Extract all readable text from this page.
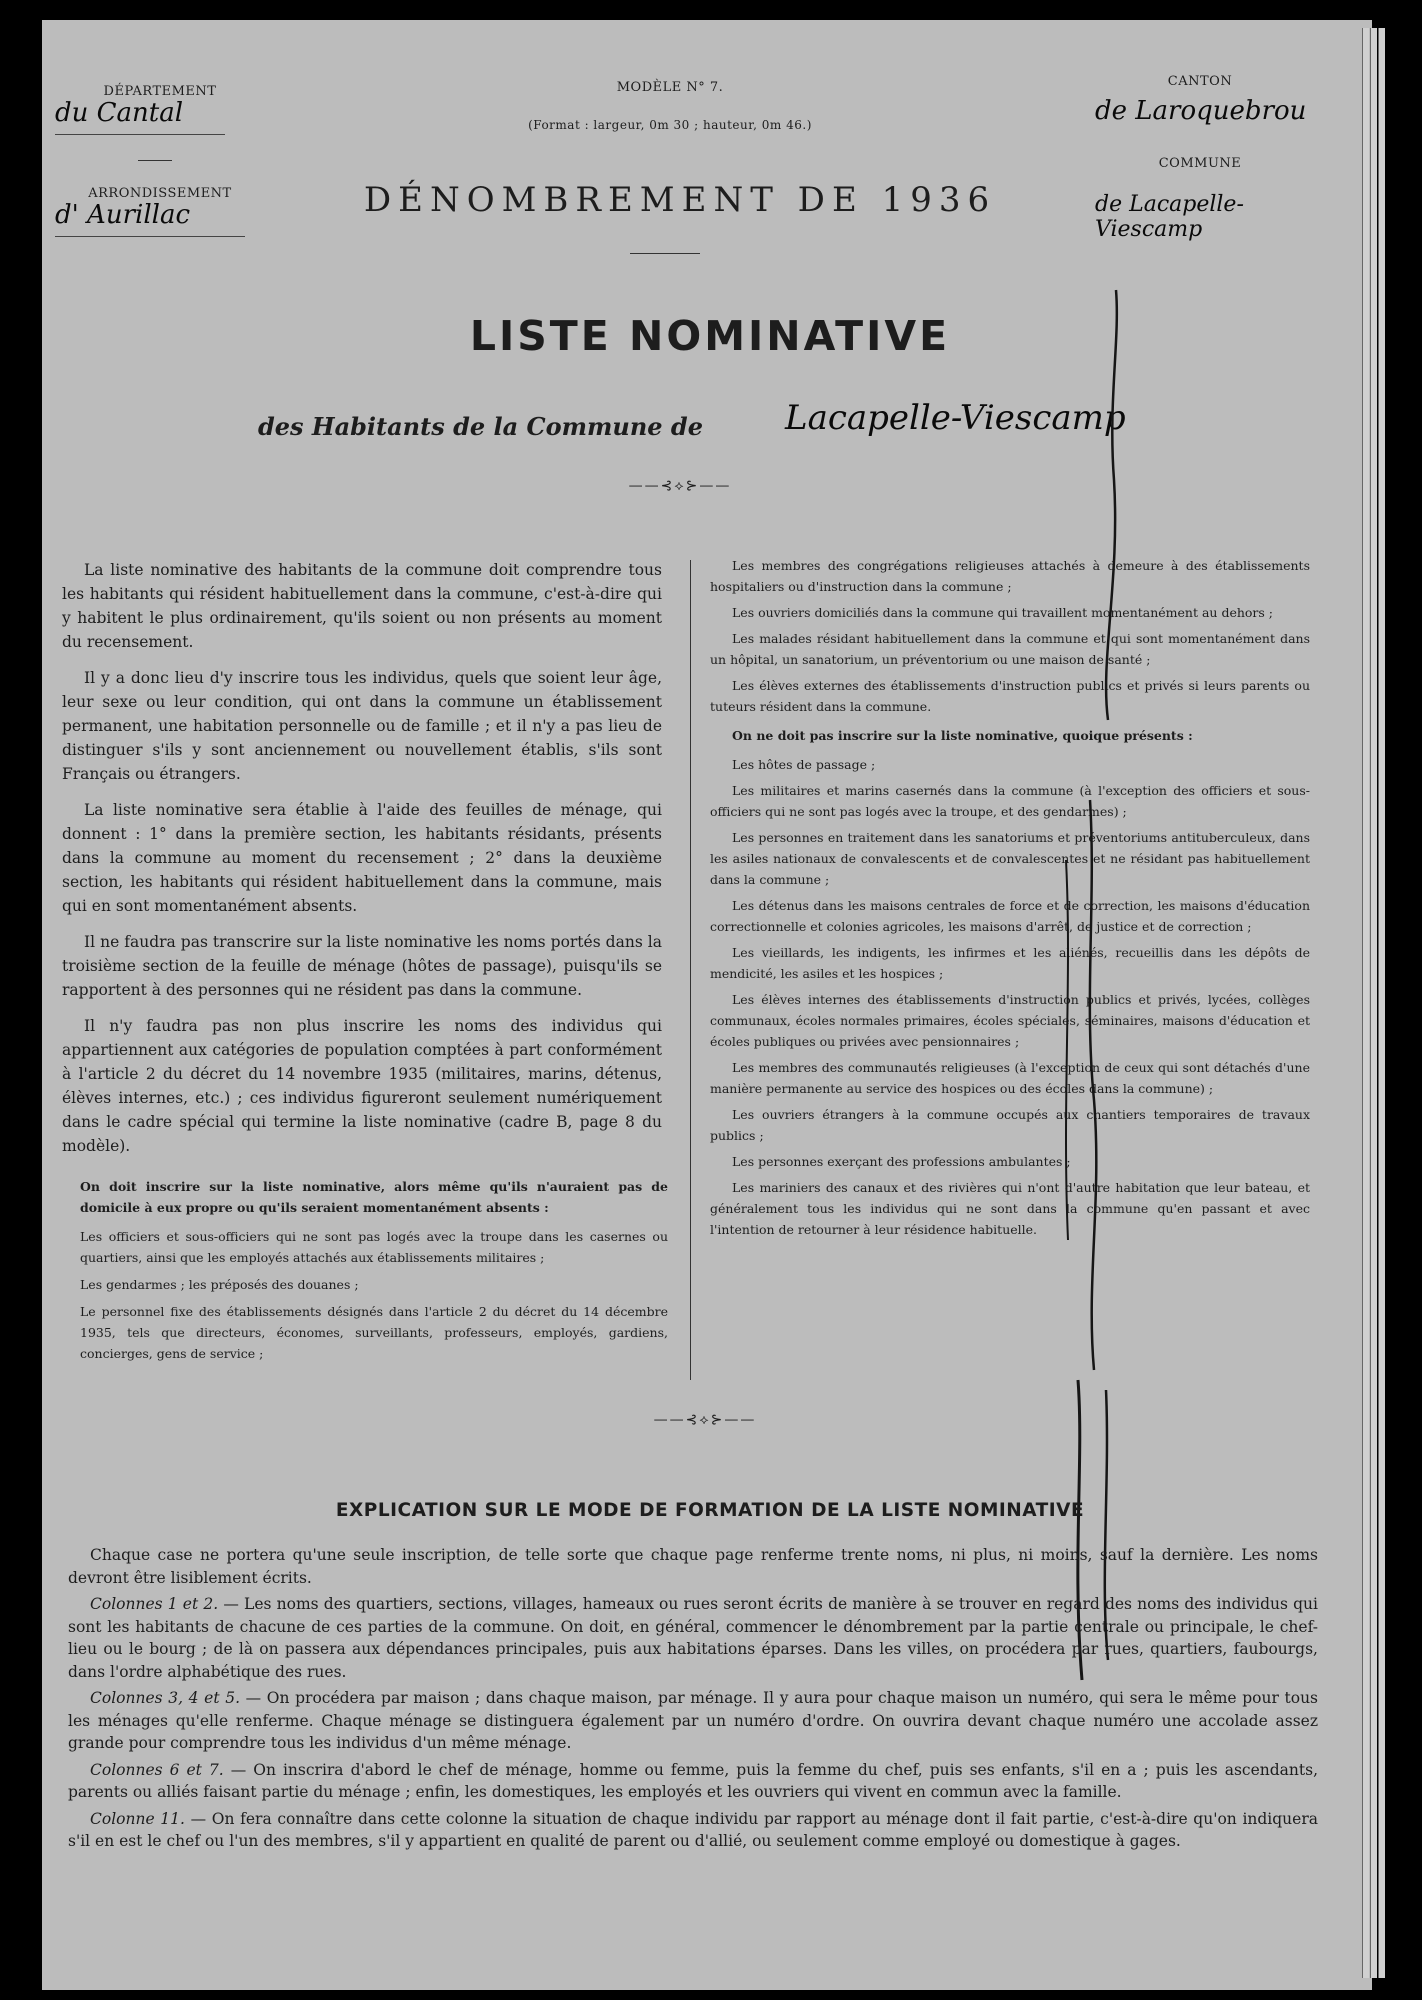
DÉPARTEMENT
du Cantal
ARRONDISSEMENT
d' Aurillac
MODÈLE N° 7.
(Format : largeur, 0m 30 ; hauteur, 0m 46.)
DÉNOMBREMENT DE 1936
CANTON
de Laroquebrou
COMMUNE
de Lacapelle-Viescamp
LISTE NOMINATIVE
des Habitants de la Commune de	Lacapelle-Viescamp
——⊰⟡⊱——

La liste nominative des habitants de la commune doit comprendre tous les habitants qui résident habituellement dans la commune, c'est-à-dire qui y habitent le plus ordinairement, qu'ils soient ou non présents au moment du recensement.

Il y a donc lieu d'y inscrire tous les individus, quels que soient leur âge, leur sexe ou leur condition, qui ont dans la commune un établissement permanent, une habitation personnelle ou de famille ; et il n'y a pas lieu de distinguer s'ils y sont anciennement ou nouvellement établis, s'ils sont Français ou étrangers.

La liste nominative sera établie à l'aide des feuilles de ménage, qui donnent : 1° dans la première section, les habitants résidants, présents dans la commune au moment du recensement ; 2° dans la deuxième section, les habitants qui résident habituellement dans la commune, mais qui en sont momentanément absents.

Il ne faudra pas transcrire sur la liste nominative les noms portés dans la troisième section de la feuille de ménage (hôtes de passage), puisqu'ils se rapportent à des personnes qui ne résident pas dans la commune.

Il n'y faudra pas non plus inscrire les noms des individus qui appartiennent aux catégories de population comptées à part conformément à l'article 2 du décret du 14 novembre 1935 (militaires, marins, détenus, élèves internes, etc.) ; ces individus figureront seulement numériquement dans le cadre spécial qui termine la liste nominative (cadre B, page 8 du modèle).

On doit inscrire sur la liste nominative, alors même qu'ils n'auraient pas de domicile à eux propre ou qu'ils seraient momentanément absents :

Les officiers et sous-officiers qui ne sont pas logés avec la troupe dans les casernes ou quartiers, ainsi que les employés attachés aux établissements militaires ;

Les gendarmes ; les préposés des douanes ;

Le personnel fixe des établissements désignés dans l'article 2 du décret du 14 décembre 1935, tels que directeurs, économes, surveillants, professeurs, employés, gardiens, concierges, gens de service ;

Les membres des congrégations religieuses attachés à demeure à des établissements hospitaliers ou d'instruction dans la commune ;

Les ouvriers domiciliés dans la commune qui travaillent momentanément au dehors ;

Les malades résidant habituellement dans la commune et qui sont momentanément dans un hôpital, un sanatorium, un préventorium ou une maison de santé ;

Les élèves externes des établissements d'instruction publics et privés si leurs parents ou tuteurs résident dans la commune.

On ne doit pas inscrire sur la liste nominative, quoique présents :

Les hôtes de passage ;

Les militaires et marins casernés dans la commune (à l'exception des officiers et sous-officiers qui ne sont pas logés avec la troupe, et des gendarmes) ;

Les personnes en traitement dans les sanatoriums et préventoriums antituberculeux, dans les asiles nationaux de convalescents et de convalescentes et ne résidant pas habituellement dans la commune ;

Les détenus dans les maisons centrales de force et de correction, les maisons d'éducation correctionnelle et colonies agricoles, les maisons d'arrêt, de justice et de correction ;

Les vieillards, les indigents, les infirmes et les aliénés, recueillis dans les dépôts de mendicité, les asiles et les hospices ;

Les élèves internes des établissements d'instruction publics et privés, lycées, collèges communaux, écoles normales primaires, écoles spéciales, séminaires, maisons d'éducation et écoles publiques ou privées avec pensionnaires ;

Les membres des communautés religieuses (à l'exception de ceux qui sont détachés d'une manière permanente au service des hospices ou des écoles dans la commune) ;

Les ouvriers étrangers à la commune occupés aux chantiers temporaires de travaux publics ;

Les personnes exerçant des professions ambulantes ;

Les mariniers des canaux et des rivières qui n'ont d'autre habitation que leur bateau, et généralement tous les individus qui ne sont dans la commune qu'en passant et avec l'intention de retourner à leur résidence habituelle.

——⊰⟡⊱——
EXPLICATION SUR LE MODE DE FORMATION DE LA LISTE NOMINATIVE

Chaque case ne portera qu'une seule inscription, de telle sorte que chaque page renferme trente noms, ni plus, ni moins, sauf la dernière. Les noms devront être lisiblement écrits.

Colonnes 1 et 2. — Les noms des quartiers, sections, villages, hameaux ou rues seront écrits de manière à se trouver en regard des noms des individus qui sont les habitants de chacune de ces parties de la commune. On doit, en général, commencer le dénombrement par la partie centrale ou principale, le chef-lieu ou le bourg ; de là on passera aux dépendances principales, puis aux habitations éparses. Dans les villes, on procédera par rues, quartiers, faubourgs, dans l'ordre alphabétique des rues.

Colonnes 3, 4 et 5. — On procédera par maison ; dans chaque maison, par ménage. Il y aura pour chaque maison un numéro, qui sera le même pour tous les ménages qu'elle renferme. Chaque ménage se distinguera également par un numéro d'ordre. On ouvrira devant chaque numéro une accolade assez grande pour comprendre tous les individus d'un même ménage.

Colonnes 6 et 7. — On inscrira d'abord le chef de ménage, homme ou femme, puis la femme du chef, puis ses enfants, s'il en a ; puis les ascendants, parents ou alliés faisant partie du ménage ; enfin, les domestiques, les employés et les ouvriers qui vivent en commun avec la famille.

Colonne 11. — On fera connaître dans cette colonne la situation de chaque individu par rapport au ménage dont il fait partie, c'est-à-dire qu'on indiquera s'il en est le chef ou l'un des membres, s'il y appartient en qualité de parent ou d'allié, ou seulement comme employé ou domestique à gages.
